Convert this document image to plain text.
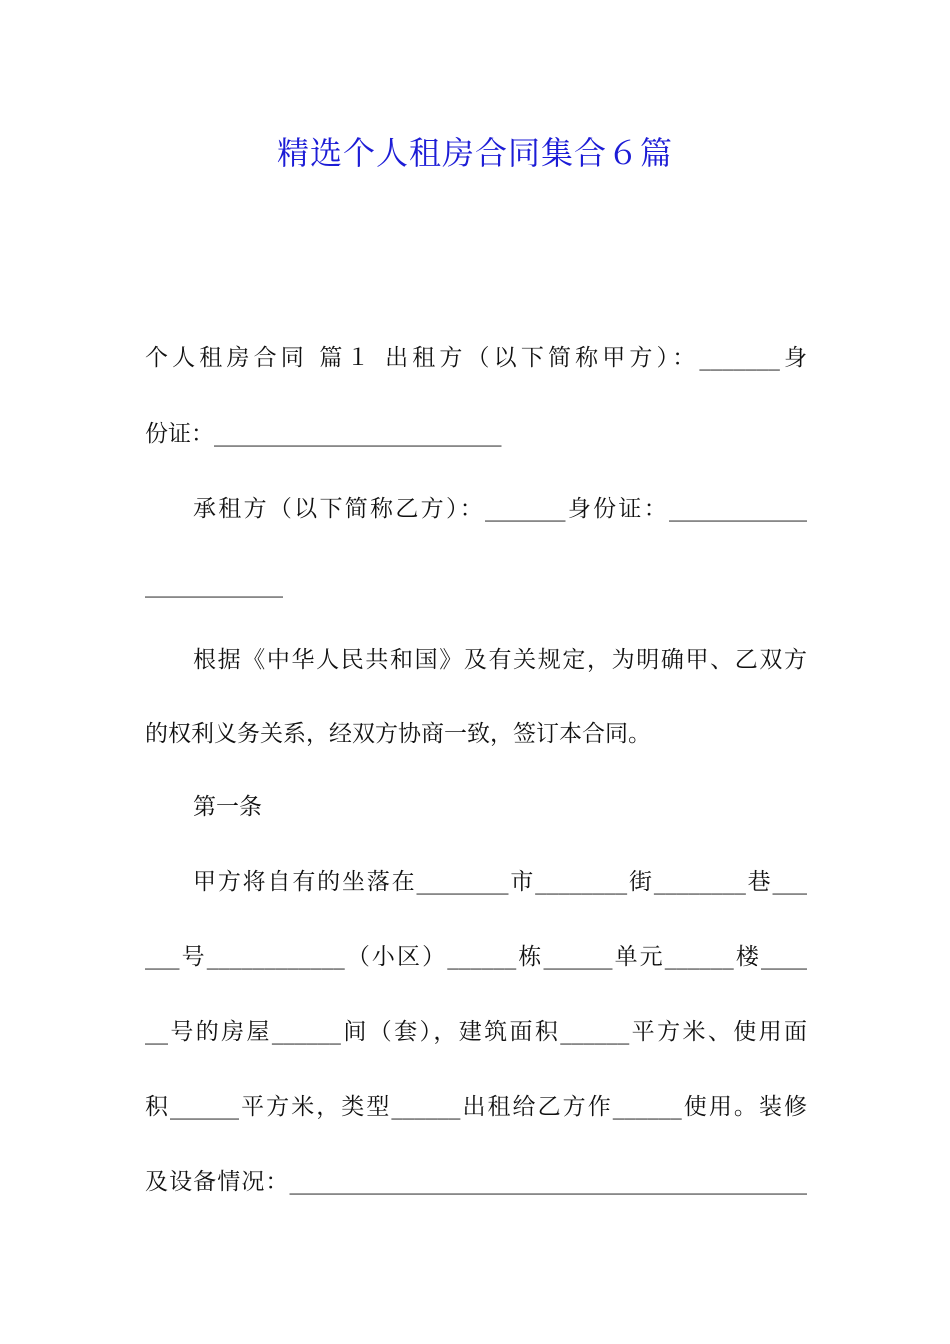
精选个人租房合同集合６篇
个人租房合同 篇１ 出租方（以下简称甲方）：_______身
份证：_________________________
承租方（以下简称乙方）：_______身份证：____________
____________
根据《中华人民共和国》及有关规定，为明确甲、乙双方
的权利义务关系，经双方协商一致，签订本合同。
第一条
甲方将自有的坐落在________市________街________巷___
___号____________（小区）______栋______单元______楼____
__号的房屋______间（套），建筑面积______平方米、使用面
积______平方米，类型______出租给乙方作______使用。装修
及设备情况：_____________________________________________
